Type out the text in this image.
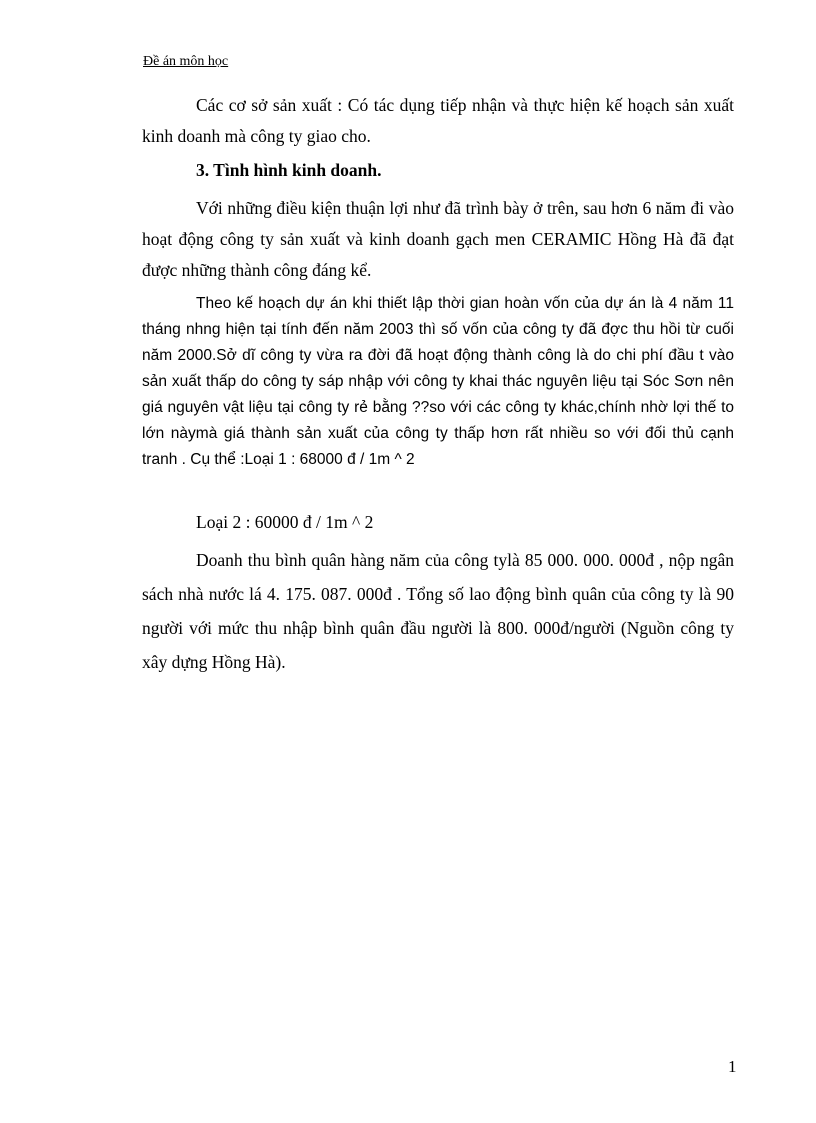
Đề án môn học
Các cơ sở sản xuất : Có tác dụng tiếp nhận và thực hiện kế hoạch sản xuất kinh doanh mà công ty giao cho.
3. Tình hình kinh doanh.
Với những điều kiện thuận lợi như đã trình bày ở trên, sau hơn 6 năm đi vào hoạt động công ty sản xuất và kinh doanh gạch men CERAMIC Hồng Hà đã đạt được những thành công đáng kể.
Theo kế hoạch dự án khi thiết lập thời gian hoàn vốn của dự án là 4 năm 11 tháng nhng hiện tại tính đến năm 2003 thì số vốn của công ty đã đợc thu hồi từ cuối năm 2000.Sở dĩ công ty vừa ra đời đã hoạt động thành công là do chi phí đầu t vào sản xuất thấp do công ty sáp nhập với công ty khai thác nguyên liệu tại Sóc Sơn nên giá nguyên vật liệu tại công ty rẻ bằng ??so với các công ty khác,chính nhờ lợi thế to lớn nàymà giá thành sản xuất của công ty thấp hơn rất nhiều so với đối thủ cạnh tranh . Cụ thể :Loại 1 : 68000 đ / 1m ^ 2
Loại 2 : 60000 đ / 1m ^ 2
Doanh thu bình quân hàng năm của công tylà 85 000. 000. 000đ , nộp ngân sách nhà nước lá 4. 175. 087. 000đ . Tổng số lao động bình quân của công ty là 90 người với mức thu nhập bình quân đầu người là 800. 000đ/người (Nguồn công ty xây dựng Hồng Hà).
1
